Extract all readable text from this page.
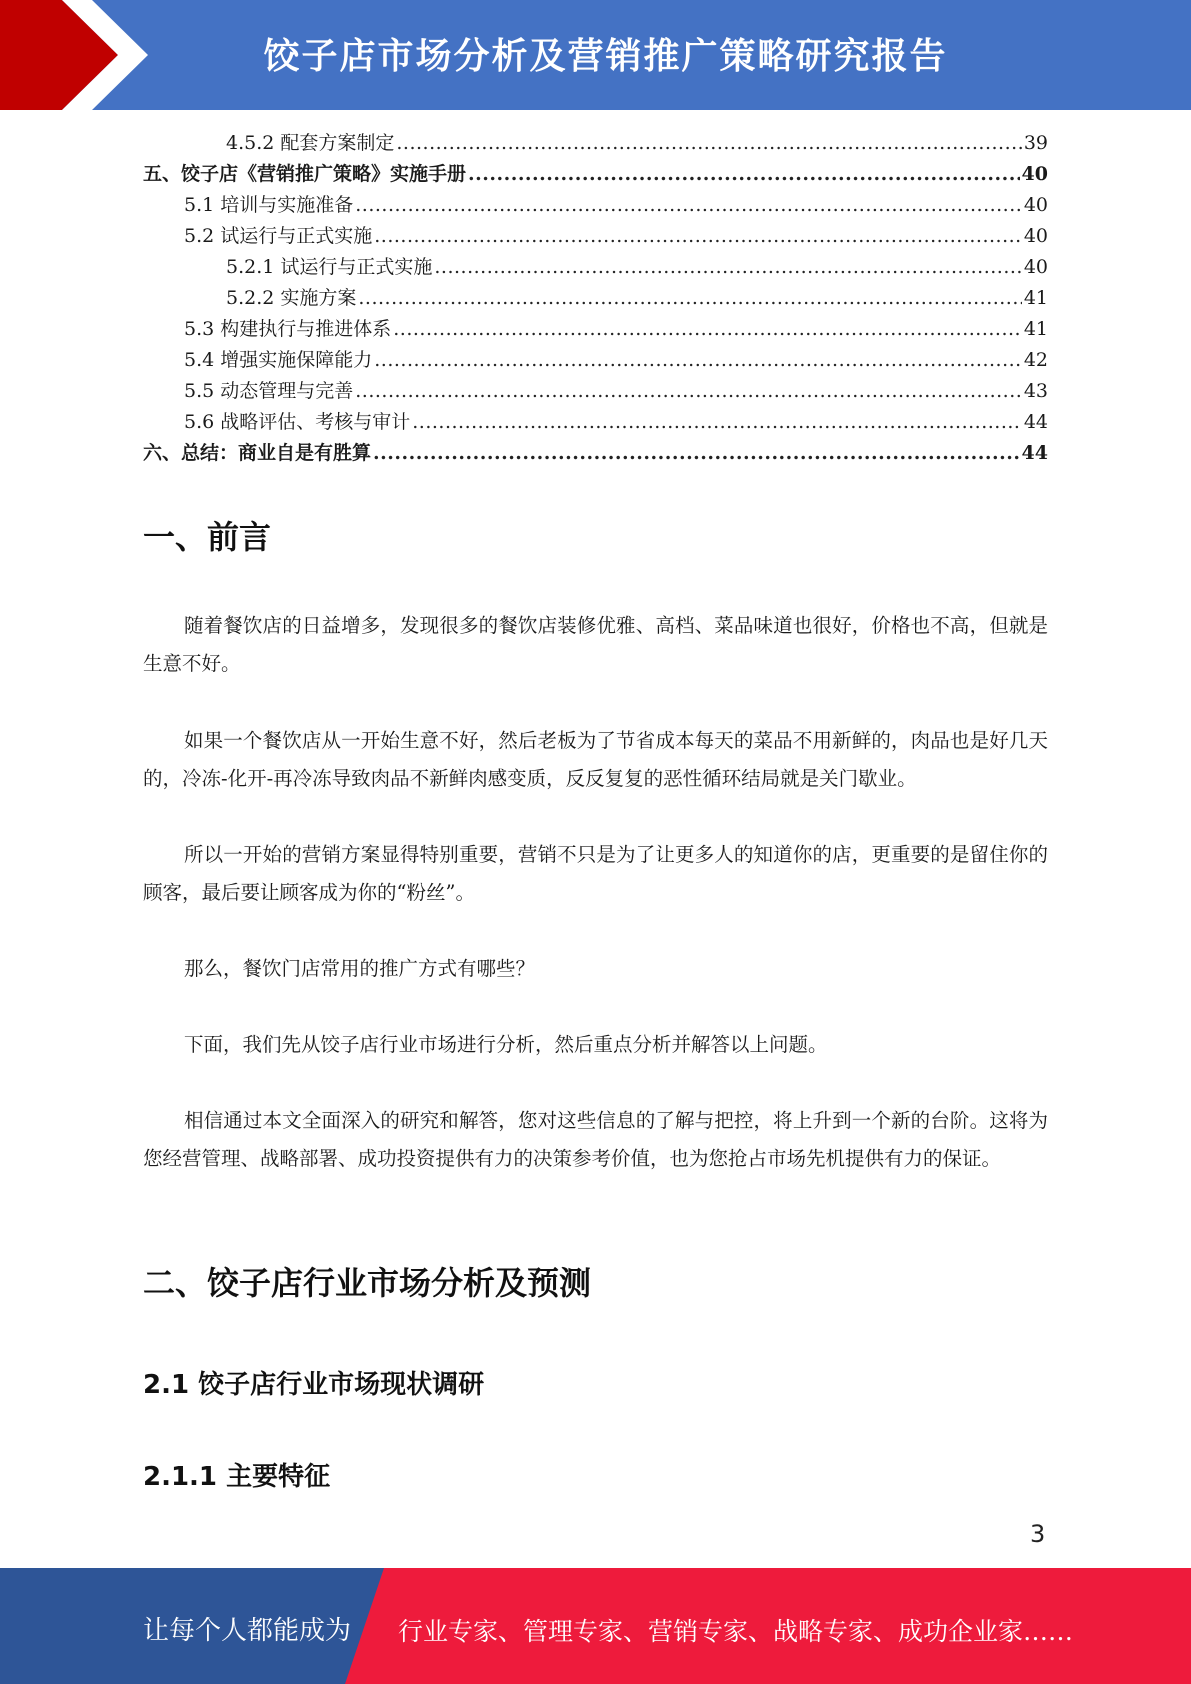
饺子店市场分析及营销推广策略研究报告
4.5.2 配套方案制定 .....	39
五、饺子店《营销推广策略》实施手册 .....	40
5.1 培训与实施准备 .....	40
5.2 试运行与正式实施 .....	40
5.2.1 试运行与正式实施 .....	40
5.2.2 实施方案 .....	41
5.3 构建执行与推进体系 .....	41
5.4 增强实施保障能力 .....	42
5.5 动态管理与完善 .....	43
5.6 战略评估、考核与审计 .....	44
六、总结：商业自是有胜算 .....	44
一、前言
随着餐饮店的日益增多，发现很多的餐饮店装修优雅、高档、菜品味道也很好，价格也不高，但就是生意不好。
如果一个餐饮店从一开始生意不好，然后老板为了节省成本每天的菜品不用新鲜的，肉品也是好几天的，冷冻-化开-再冷冻导致肉品不新鲜肉感变质，反反复复的恶性循环结局就是关门歇业。
所以一开始的营销方案显得特别重要，营销不只是为了让更多人的知道你的店，更重要的是留住你的顾客，最后要让顾客成为你的“粉丝”。
那么，餐饮门店常用的推广方式有哪些？
下面，我们先从饺子店行业市场进行分析，然后重点分析并解答以上问题。
相信通过本文全面深入的研究和解答，您对这些信息的了解与把控，将上升到一个新的台阶。这将为您经营管理、战略部署、成功投资提供有力的决策参考价值，也为您抢占市场先机提供有力的保证。
二、饺子店行业市场分析及预测
2.1 饺子店行业市场现状调研
2.1.1 主要特征
3
让每个人都能成为 行业专家、管理专家、营销专家、战略专家、成功企业家……
